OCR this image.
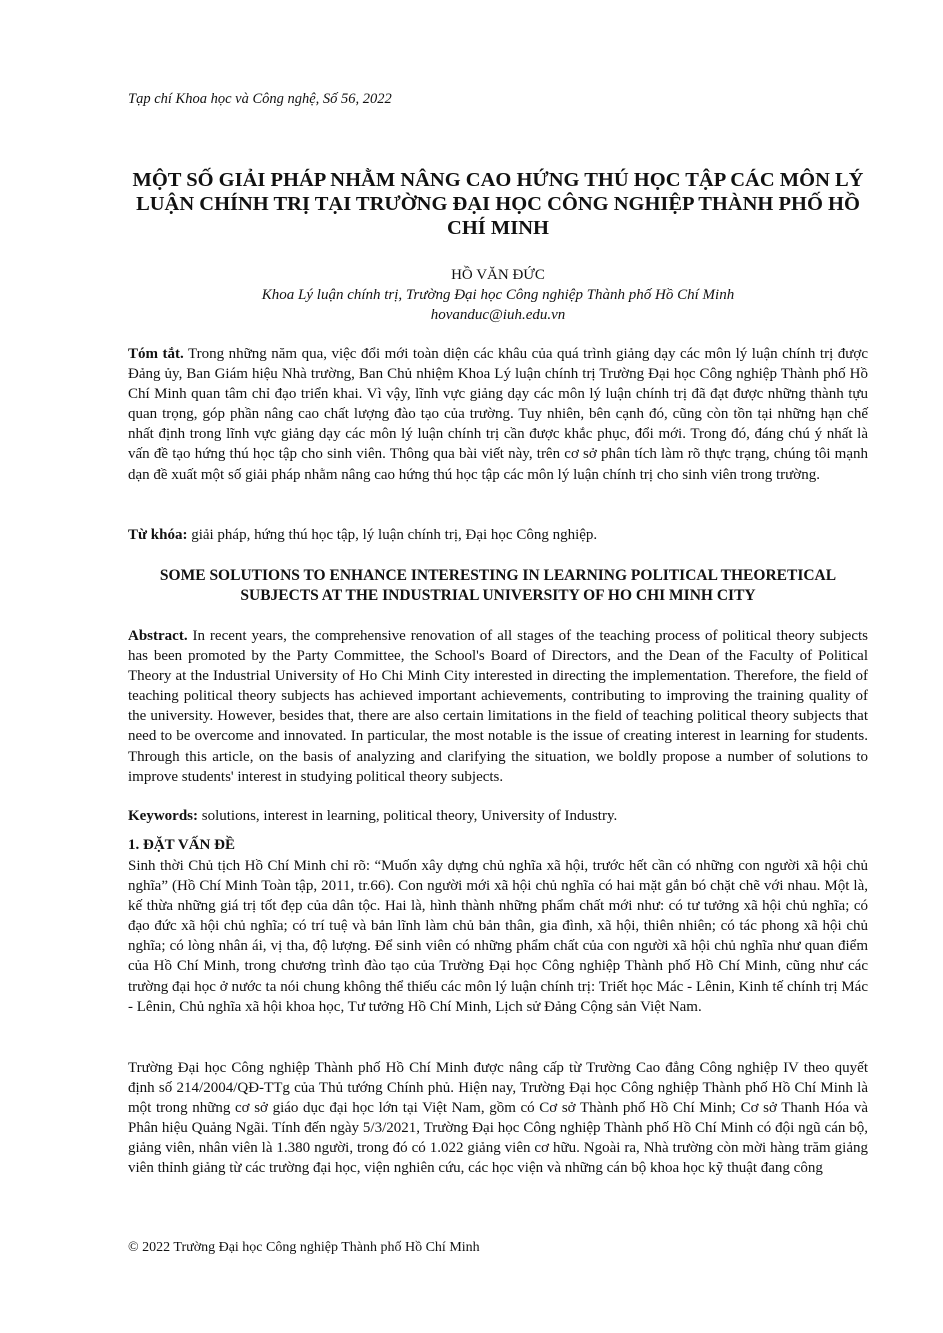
Tạp chí Khoa học và Công nghệ, Số 56, 2022
MỘT SỐ GIẢI PHÁP NHẰM NÂNG CAO HỨNG THÚ HỌC TẬP CÁC MÔN LÝ LUẬN CHÍNH TRỊ TẠI TRƯỜNG ĐẠI HỌC CÔNG NGHIỆP THÀNH PHỐ HỒ CHÍ MINH
HỒ VĂN ĐỨC
Khoa Lý luận chính trị, Trường Đại học Công nghiệp Thành phố Hồ Chí Minh
hovanduc@iuh.edu.vn

Tóm tắt. Trong những năm qua, việc đổi mới toàn diện các khâu của quá trình giảng dạy các môn lý luận chính trị được Đảng ủy, Ban Giám hiệu Nhà trường, Ban Chủ nhiệm Khoa Lý luận chính trị Trường Đại học Công nghiệp Thành phố Hồ Chí Minh quan tâm chỉ đạo triển khai. Vì vậy, lĩnh vực giảng dạy các môn lý luận chính trị đã đạt được những thành tựu quan trọng, góp phần nâng cao chất lượng đào tạo của trường. Tuy nhiên, bên cạnh đó, cũng còn tồn tại những hạn chế nhất định trong lĩnh vực giảng dạy các môn lý luận chính trị cần được khắc phục, đổi mới. Trong đó, đáng chú ý nhất là vấn đề tạo hứng thú học tập cho sinh viên. Thông qua bài viết này, trên cơ sở phân tích làm rõ thực trạng, chúng tôi mạnh dạn đề xuất một số giải pháp nhằm nâng cao hứng thú học tập các môn lý luận chính trị cho sinh viên trong trường.

Từ khóa: giải pháp, hứng thú học tập, lý luận chính trị, Đại học Công nghiệp.

SOME SOLUTIONS TO ENHANCE INTERESTING IN LEARNING POLITICAL THEORETICAL SUBJECTS AT THE INDUSTRIAL UNIVERSITY OF HO CHI MINH CITY

Abstract. In recent years, the comprehensive renovation of all stages of the teaching process of political theory subjects has been promoted by the Party Committee, the School's Board of Directors, and the Dean of the Faculty of Political Theory at the Industrial University of Ho Chi Minh City interested in directing the implementation. Therefore, the field of teaching political theory subjects has achieved important achievements, contributing to improving the training quality of the university. However, besides that, there are also certain limitations in the field of teaching political theory subjects that need to be overcome and innovated. In particular, the most notable is the issue of creating interest in learning for students. Through this article, on the basis of analyzing and clarifying the situation, we boldly propose a number of solutions to improve students' interest in studying political theory subjects.

Keywords: solutions, interest in learning, political theory, University of Industry.

1. ĐẶT VẤN ĐỀ

Sinh thời Chủ tịch Hồ Chí Minh chỉ rõ: “Muốn xây dựng chủ nghĩa xã hội, trước hết cần có những con người xã hội chủ nghĩa” (Hồ Chí Minh Toàn tập, 2011, tr.66). Con người mới xã hội chủ nghĩa có hai mặt gắn bó chặt chẽ với nhau. Một là, kế thừa những giá trị tốt đẹp của dân tộc. Hai là, hình thành những phẩm chất mới như: có tư tưởng xã hội chủ nghĩa; có đạo đức xã hội chủ nghĩa; có trí tuệ và bản lĩnh làm chủ bản thân, gia đình, xã hội, thiên nhiên; có tác phong xã hội chủ nghĩa; có lòng nhân ái, vị tha, độ lượng. Để sinh viên có những phẩm chất của con người xã hội chủ nghĩa như quan điểm của Hồ Chí Minh, trong chương trình đào tạo của Trường Đại học Công nghiệp Thành phố Hồ Chí Minh, cũng như các trường đại học ở nước ta nói chung không thể thiếu các môn lý luận chính trị: Triết học Mác - Lênin, Kinh tế chính trị Mác - Lênin, Chủ nghĩa xã hội khoa học, Tư tưởng Hồ Chí Minh, Lịch sử Đảng Cộng sản Việt Nam.

Trường Đại học Công nghiệp Thành phố Hồ Chí Minh được nâng cấp từ Trường Cao đẳng Công nghiệp IV theo quyết định số 214/2004/QĐ-TTg của Thủ tướng Chính phủ. Hiện nay, Trường Đại học Công nghiệp Thành phố Hồ Chí Minh là một trong những cơ sở giáo dục đại học lớn tại Việt Nam, gồm có Cơ sở Thành phố Hồ Chí Minh; Cơ sở Thanh Hóa và Phân hiệu Quảng Ngãi. Tính đến ngày 5/3/2021, Trường Đại học Công nghiệp Thành phố Hồ Chí Minh có đội ngũ cán bộ, giảng viên, nhân viên là 1.380 người, trong đó có 1.022 giảng viên cơ hữu. Ngoài ra, Nhà trường còn mời hàng trăm giảng viên thỉnh giảng từ các trường đại học, viện nghiên cứu, các học viện và những cán bộ khoa học kỹ thuật đang công

© 2022 Trường Đại học Công nghiệp Thành phố Hồ Chí Minh
